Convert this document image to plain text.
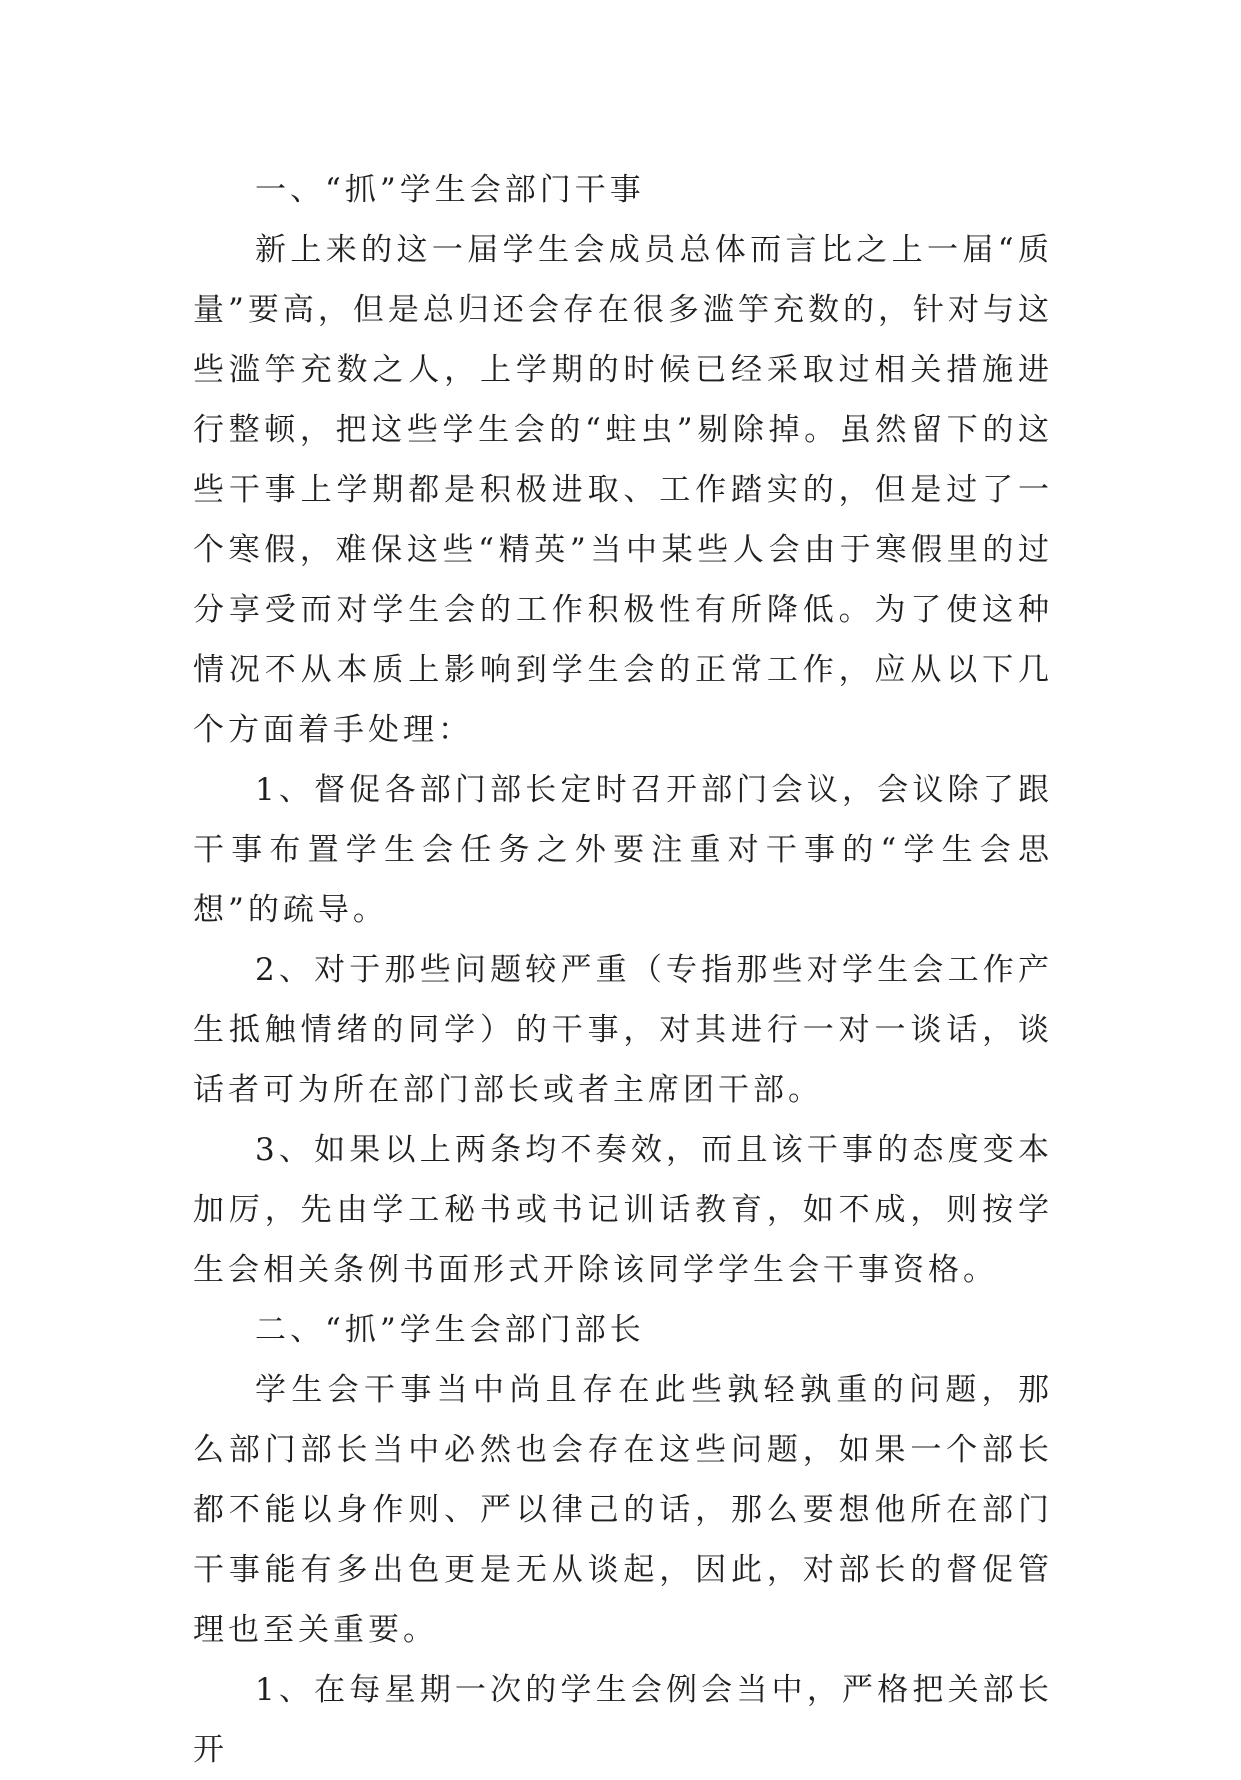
一、“抓”学生会部门干事

新上来的这一届学生会成员总体而言比之上一届“质量”要高，但是总归还会存在很多滥竽充数的，针对与这些滥竽充数之人，上学期的时候已经采取过相关措施进行整顿，把这些学生会的“蛀虫”剔除掉。虽然留下的这些干事上学期都是积极进取、工作踏实的，但是过了一个寒假，难保这些“精英”当中某些人会由于寒假里的过分享受而对学生会的工作积极性有所降低。为了使这种情况不从本质上影响到学生会的正常工作，应从以下几个方面着手处理：

1、督促各部门部长定时召开部门会议，会议除了跟干事布置学生会任务之外要注重对干事的“学生会思想”的疏导。

2、对于那些问题较严重（专指那些对学生会工作产生抵触情绪的同学）的干事，对其进行一对一谈话，谈话者可为所在部门部长或者主席团干部。

3、如果以上两条均不奏效，而且该干事的态度变本加厉，先由学工秘书或书记训话教育，如不成，则按学生会相关条例书面形式开除该同学学生会干事资格。

二、“抓”学生会部门部长

学生会干事当中尚且存在此些孰轻孰重的问题，那么部门部长当中必然也会存在这些问题，如果一个部长都不能以身作则、严以律己的话，那么要想他所在部门干事能有多出色更是无从谈起，因此，对部长的督促管理也至关重要。

1、在每星期一次的学生会例会当中，严格把关部长开
